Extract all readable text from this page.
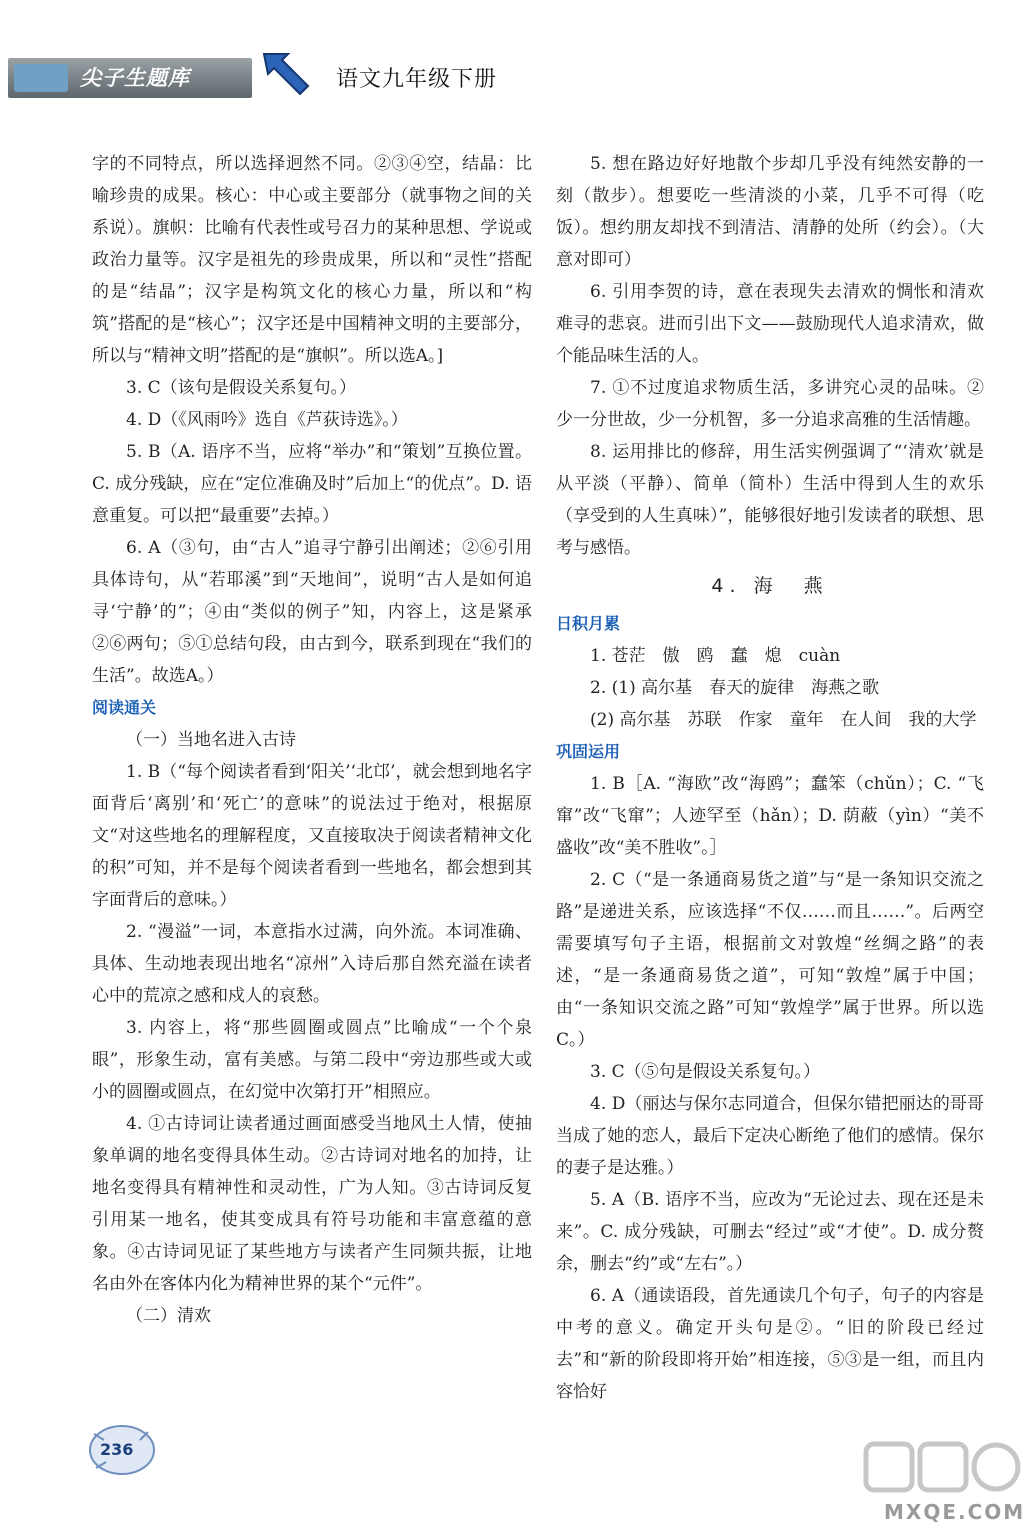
尖子生题库	语文九年级下册

字的不同特点，所以选择迥然不同。②③④空，结晶：比喻珍贵的成果。核心：中心或主要部分（就事物之间的关系说）。旗帜：比喻有代表性或号召力的某种思想、学说或政治力量等。汉字是祖先的珍贵成果，所以和“灵性”搭配的是“结晶”；汉字是构筑文化的核心力量，所以和“构筑”搭配的是“核心”；汉字还是中国精神文明的主要部分，所以与“精神文明”搭配的是“旗帜”。所以选A。]

3. C（该句是假设关系复句。）

4. D（《风雨吟》选自《芦荻诗选》。）

5. B（A. 语序不当，应将“举办”和“策划”互换位置。C. 成分残缺，应在“定位准确及时”后加上“的优点”。D. 语意重复。可以把“最重要”去掉。）

6. A（③句，由“古人”追寻宁静引出阐述；②⑥引用具体诗句，从“若耶溪”到“天地间”，说明“古人是如何追寻‘宁静’的”；④由“类似的例子”知，内容上，这是紧承②⑥两句；⑤①总结句段，由古到今，联系到现在“我们的生活”。故选A。）

阅读通关

（一）当地名进入古诗

1. B（“每个阅读者看到‘阳关’‘北邙’，就会想到地名字面背后‘离别’和‘死亡’的意味”的说法过于绝对，根据原文“对这些地名的理解程度，又直接取决于阅读者精神文化的积”可知，并不是每个阅读者看到一些地名，都会想到其字面背后的意味。）

2. “漫溢”一词，本意指水过满，向外流。本词准确、具体、生动地表现出地名“凉州”入诗后那自然充溢在读者心中的荒凉之感和戍人的哀愁。

3. 内容上，将“那些圆圈或圆点”比喻成“一个个泉眼”，形象生动，富有美感。与第二段中“旁边那些或大或小的圆圈或圆点，在幻觉中次第打开”相照应。

4. ①古诗词让读者通过画面感受当地风土人情，使抽象单调的地名变得具体生动。②古诗词对地名的加持，让地名变得具有精神性和灵动性，广为人知。③古诗词反复引用某一地名，使其变成具有符号功能和丰富意蕴的意象。④古诗词见证了某些地方与读者产生同频共振，让地名由外在客体内化为精神世界的某个“元件”。

（二）清欢

5. 想在路边好好地散个步却几乎没有纯然安静的一刻（散步）。想要吃一些清淡的小菜，几乎不可得（吃饭）。想约朋友却找不到清洁、清静的处所（约会）。（大意对即可）

6. 引用李贺的诗，意在表现失去清欢的惆怅和清欢难寻的悲哀。进而引出下文——鼓励现代人追求清欢，做个能品味生活的人。

7. ①不过度追求物质生活，多讲究心灵的品味。②少一分世故，少一分机智，多一分追求高雅的生活情趣。

8. 运用排比的修辞，用生活实例强调了“‘清欢’就是从平淡（平静）、简单（简朴）生活中得到人生的欢乐（享受到的人生真味）”，能够很好地引发读者的联想、思考与感悟。

4. 海　燕
日积月累

1. 苍茫　傲　鸥　蠢　熄　cuàn

2. (1) 高尔基　春天的旋律　海燕之歌

(2) 高尔基　苏联　作家　童年　在人间　我的大学

巩固运用

1. B［A. “海欧”改“海鸥”；蠢笨（chǔn）；C. “飞窜”改“飞窜”；人迹罕至（hǎn）；D. 荫蔽（yìn）“美不盛收”改“美不胜收”。］

2. C（“是一条通商易货之道”与“是一条知识交流之路”是递进关系，应该选择“不仅……而且……”。后两空需要填写句子主语，根据前文对敦煌“丝绸之路”的表述，“是一条通商易货之道”，可知“敦煌”属于中国；由“一条知识交流之路”可知“敦煌学”属于世界。所以选C。）

3. C（⑤句是假设关系复句。）

4. D（丽达与保尔志同道合，但保尔错把丽达的哥哥当成了她的恋人，最后下定决心断绝了他们的感情。保尔的妻子是达雅。）

5. A（B. 语序不当，应改为“无论过去、现在还是未来”。C. 成分残缺，可删去“经过”或“才使”。D. 成分赘余，删去“约”或“左右”。）

6. A（通读语段，首先通读几个句子，句子的内容是中考的意义。确定开头句是②。“旧的阶段已经过去”和“新的阶段即将开始”相连接，⑤③是一组，而且内容恰好

236
MXQE.COM
